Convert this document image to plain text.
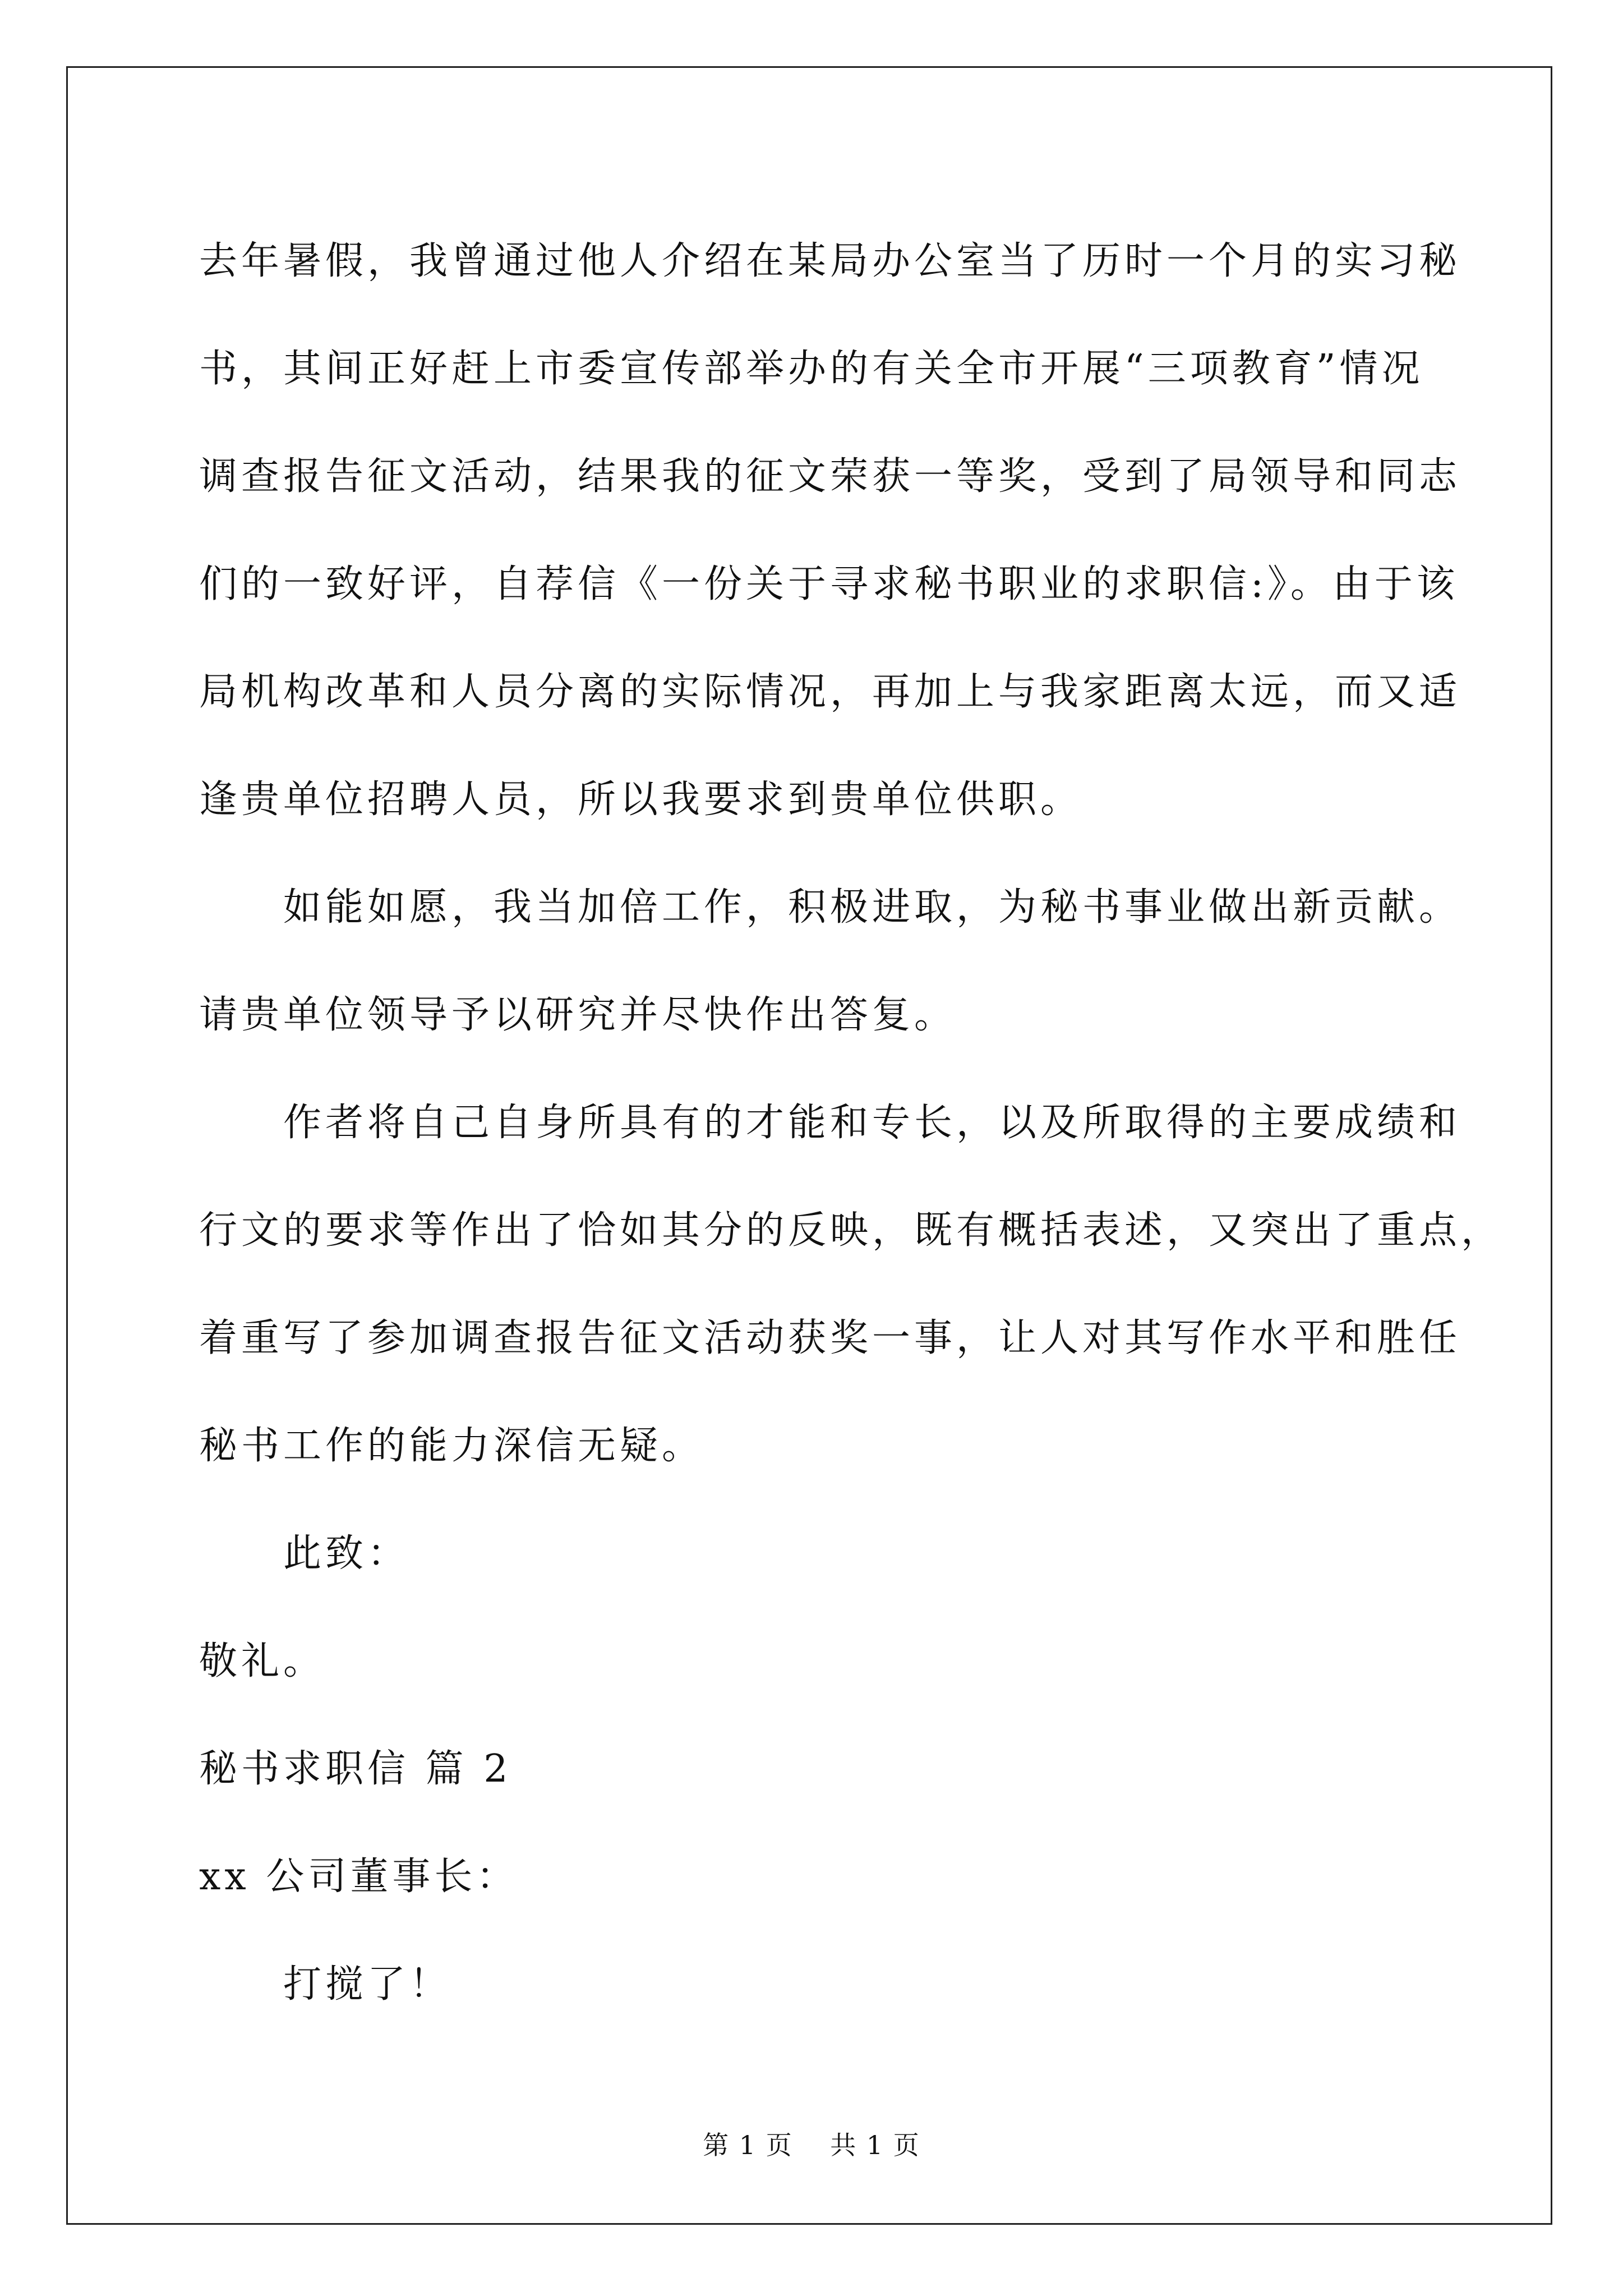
去年暑假，我曾通过他人介绍在某局办公室当了历时一个月的实习秘
书，其间正好赶上市委宣传部举办的有关全市开展“三项教育”情况
调查报告征文活动，结果我的征文荣获一等奖，受到了局领导和同志
们的一致好评，自荐信《一份关于寻求秘书职业的求职信:》。由于该
局机构改革和人员分离的实际情况，再加上与我家距离太远，而又适
逢贵单位招聘人员，所以我要求到贵单位供职。
如能如愿，我当加倍工作，积极进取，为秘书事业做出新贡献。
请贵单位领导予以研究并尽快作出答复。
作者将自己自身所具有的才能和专长，以及所取得的主要成绩和
行文的要求等作出了恰如其分的反映，既有概括表述，又突出了重点，
着重写了参加调查报告征文活动获奖一事，让人对其写作水平和胜任
秘书工作的能力深信无疑。
此致：
敬礼。
秘书求职信 篇 2
xx 公司董事长：
打搅了！
第 1 页    共 1 页
